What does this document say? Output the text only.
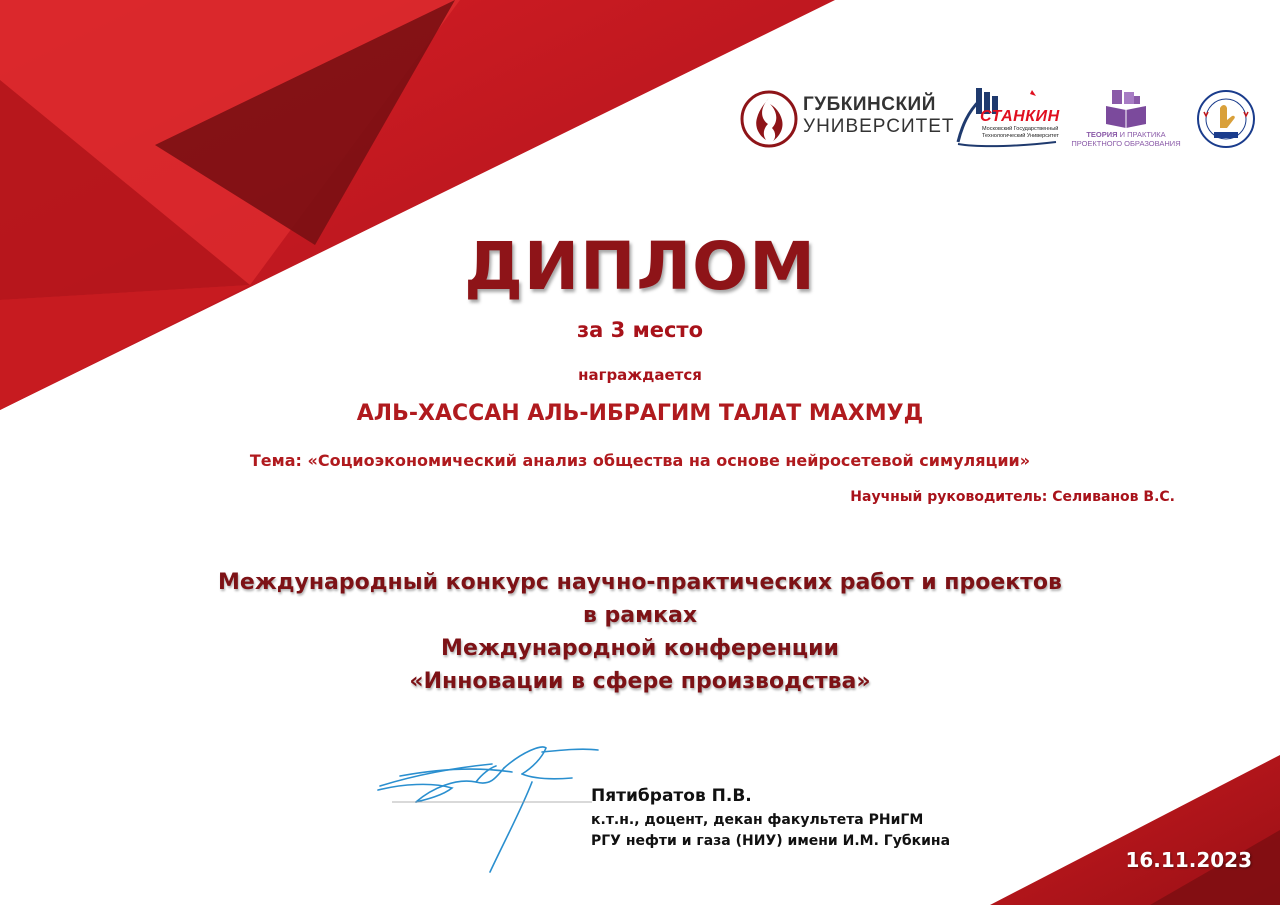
ГУБКИНСКИЙ
УНИВЕРСИТЕТ СТАНКИН
Московский Государственный Технологический Университет	ТЕОРИЯ И ПРАКТИКА
ПРОЕКТНОГО ОБРАЗОВАНИЯ
ДИПЛОМ
за 3 место
награждается
АЛЬ-ХАССАН АЛЬ-ИБРАГИМ ТАЛАТ МАХМУД
Тема: «Социоэкономический анализ общества на основе нейросетевой симуляции»
Научный руководитель: Селиванов В.С.
Международный конкурс научно-практических работ и проектов
в рамках
Международной конференции
«Инновации в сфере производства»
Пятибратов П.В.
к.т.н., доцент, декан факультета РНиГМ
РГУ нефти и газа (НИУ) имени И.М. Губкина
16.11.2023
